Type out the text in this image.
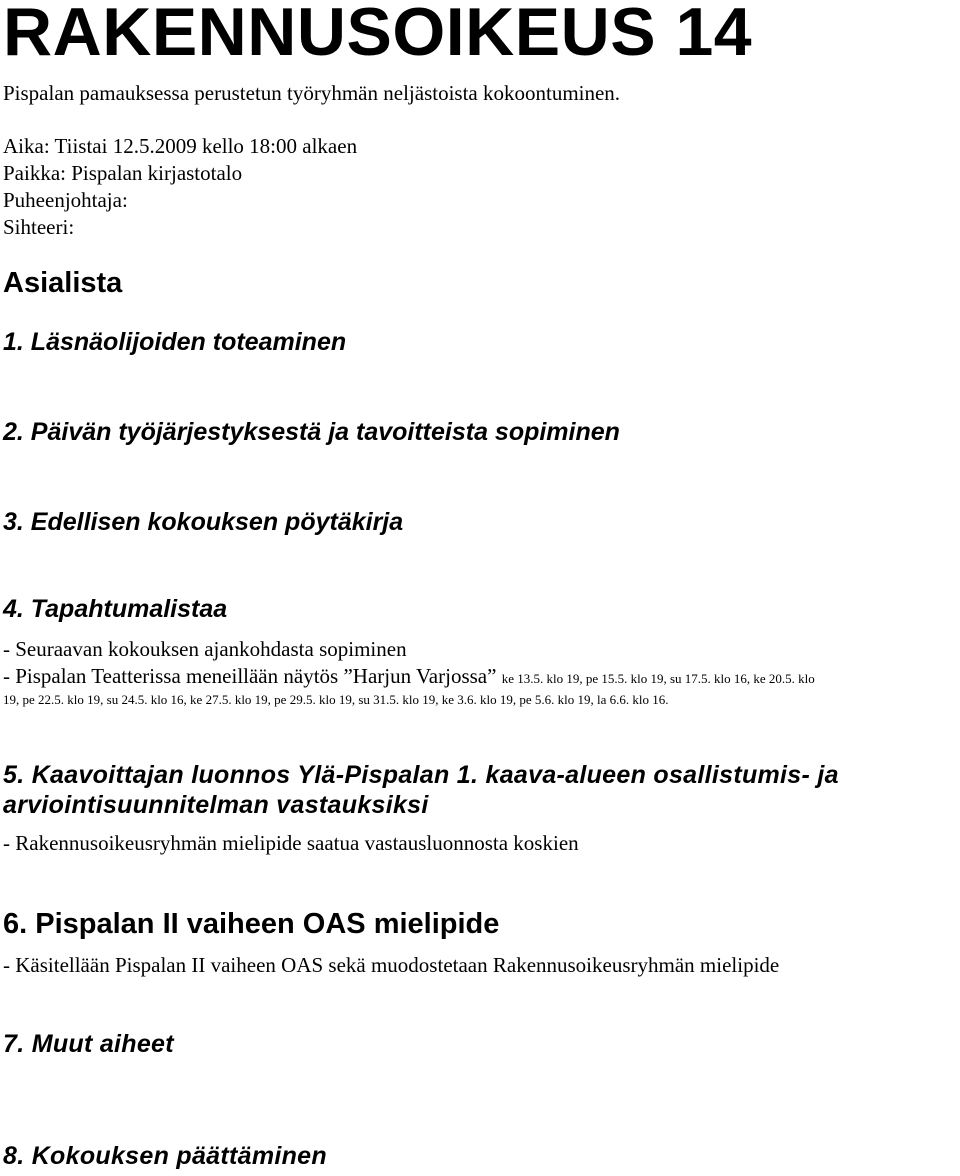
RAKENNUSOIKEUS 14

Pispalan pamauksessa perustetun työryhmän neljästoista kokoontuminen.

Aika: Tiistai 12.5.2009 kello 18:00 alkaen

Paikka: Pispalan kirjastotalo

Puheenjohtaja:

Sihteeri:

Asialista
1. Läsnäolijoiden toteaminen
2. Päivän työjärjestyksestä ja tavoitteista sopiminen
3. Edellisen kokouksen pöytäkirja
4. Tapahtumalistaa

- Seuraavan kokouksen ajankohdasta sopiminen

- Pispalan Teatterissa meneillään näytös ”Harjun Varjossa” ke 13.5. klo 19, pe 15.5. klo 19, su 17.5. klo 16, ke 20.5. klo

19, pe 22.5. klo 19, su 24.5. klo 16, ke 27.5. klo 19, pe 29.5. klo 19, su 31.5. klo 19, ke 3.6. klo 19, pe 5.6. klo 19, la 6.6. klo 16.

5. Kaavoittajan luonnos Ylä-Pispalan 1. kaava-alueen osallistumis- ja
arviointisuunnitelman vastauksiksi

- Rakennusoikeusryhmän mielipide saatua vastausluonnosta koskien

6. Pispalan II vaiheen OAS mielipide

- Käsitellään Pispalan II vaiheen OAS sekä muodostetaan Rakennusoikeusryhmän mielipide

7. Muut aiheet
8. Kokouksen päättäminen
